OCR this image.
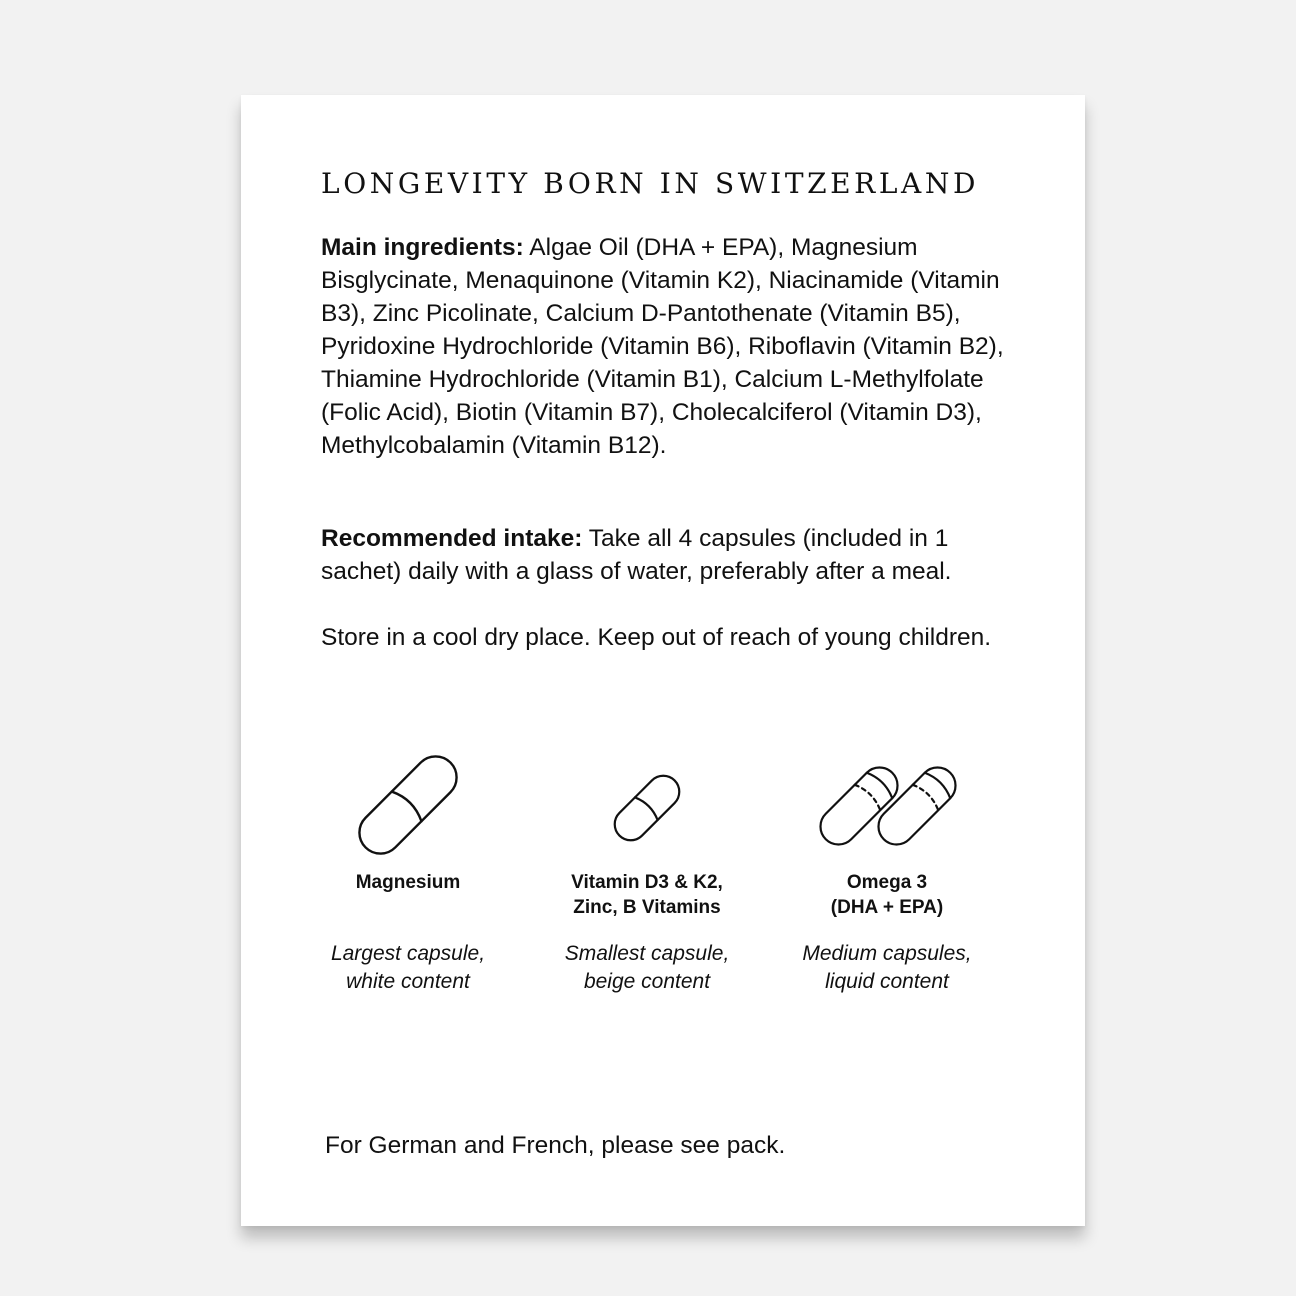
LONGEVITY BORN IN SWITZERLAND

Main ingredients: Algae Oil (DHA + EPA), Magnesium Bisglycinate, Menaquinone (Vitamin K2), Niacinamide (Vitamin B3), Zinc Picolinate, Calcium D-Pantothenate (Vitamin B5), Pyridoxine Hydrochloride (Vitamin B6), Riboflavin (Vitamin B2), Thiamine Hydrochloride (Vitamin B1), Calcium L-Methylfolate (Folic Acid), Biotin (Vitamin B7), Cholecalciferol (Vitamin D3), Methylcobalamin (Vitamin B12).

Recommended intake: Take all 4 capsules (included in 1 sachet) daily with a glass of water, preferably after a meal.

Store in a cool dry place. Keep out of reach of young children.

Magnesium
Largest capsule,
white content
Vitamin D3 & K2,
Zinc, B Vitamins
Smallest capsule,
beige content
Omega 3
(DHA + EPA)
Medium capsules,
liquid content

For German and French, please see pack.
